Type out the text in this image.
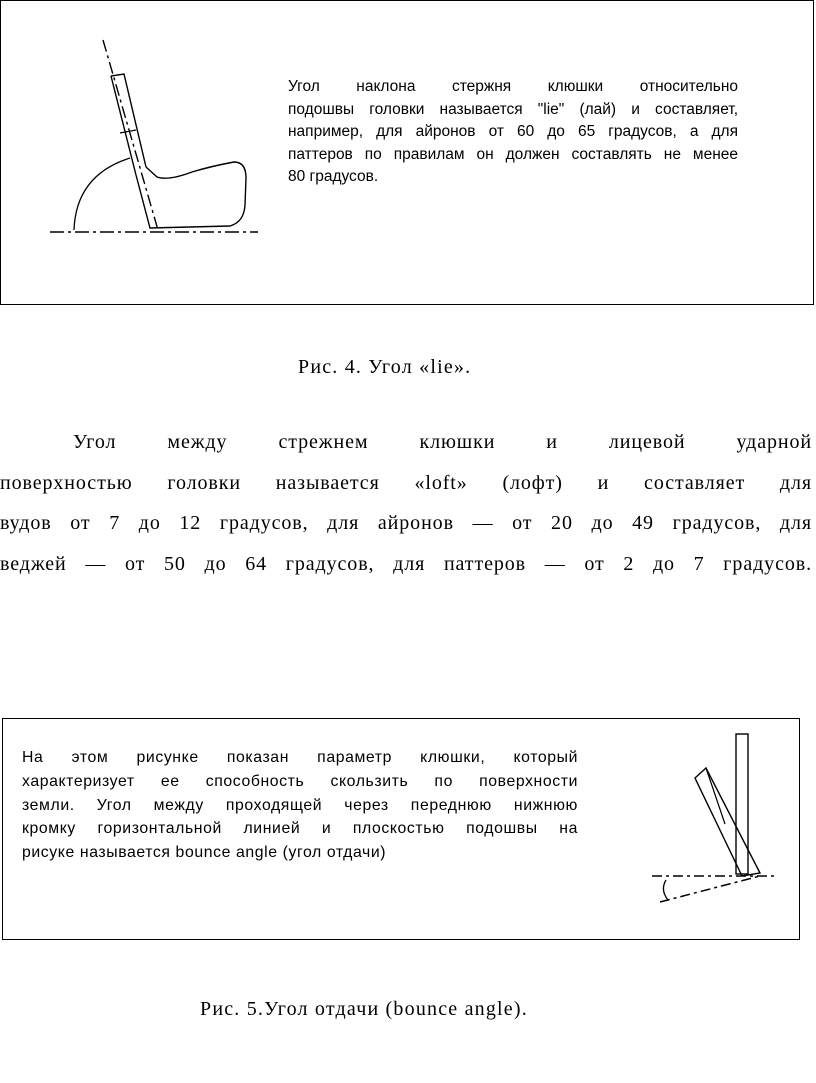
Угол наклона стержня клюшки относительно
подошвы головки называется "lie" (лай) и составляет,
например, для айронов от 60 до 65 градусов, а для
паттеров по правилам он должен составлять не менее
80 градусов.
Рис. 4. Угол «lie».
Угол между стрежнем клюшки и лицевой ударной
поверхностью головки называется «loft» (лофт) и составляет для
вудов от 7 до 12 градусов, для айронов — от 20 до 49 градусов, для
веджей — от 50 до 64 градусов, для паттеров — от 2 до 7 градусов.
На этом рисунке показан параметр клюшки, который
характеризует ее способность скользить по поверхности
земли. Угол между проходящей через переднюю нижнюю
кромку горизонтальной линией и плоскостью подошвы на
рисуке называется bounce angle (угол отдачи)
Рис. 5.Угол отдачи (bounce angle).
